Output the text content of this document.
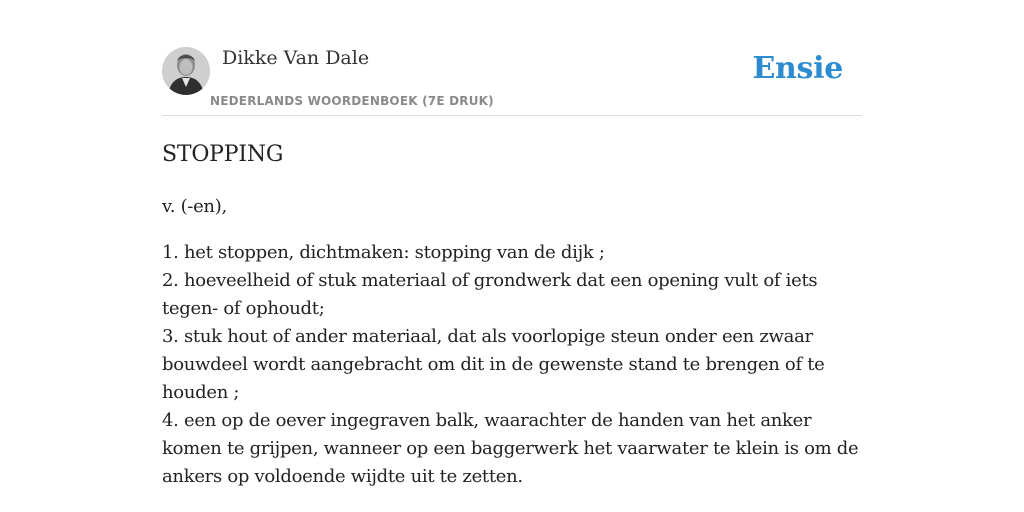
Dikke Van Dale
NEDERLANDS WOORDENBOEK (7E DRUK)
Ensie
STOPPING
v. (-en),
1. het stoppen, dichtmaken: stopping van de dijk ;
2. hoeveelheid of stuk materiaal of grondwerk dat een opening vult of iets tegen- of ophoudt;
3. stuk hout of ander materiaal, dat als voorlopige steun onder een zwaar bouwdeel wordt aangebracht om dit in de gewenste stand te brengen of te houden ;
4. een op de oever ingegraven balk, waarachter de handen van het anker komen te grijpen, wanneer op een baggerwerk het vaarwater te klein is om de ankers op voldoende wijdte uit te zetten.
